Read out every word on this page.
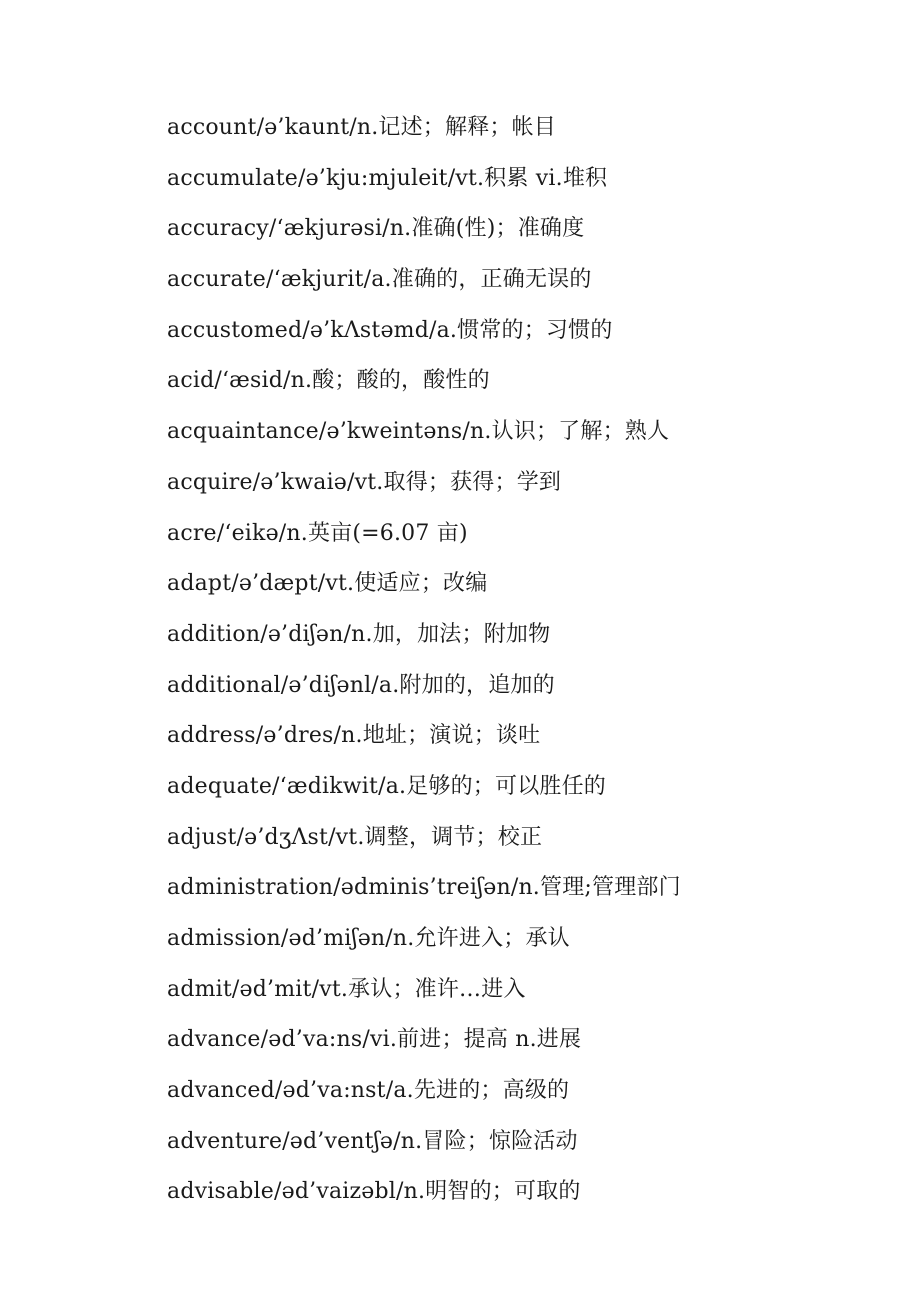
account/ə’kaunt/n.记述；解释；帐目
accumulate/ə’kju:mjuleit/vt.积累 vi.堆积
accuracy/‘ækjurəsi/n.准确(性)；准确度
accurate/‘ækjurit/a.准确的，正确无误的
accustomed/ə’kΛstəmd/a.惯常的；习惯的
acid/‘æsid/n.酸；酸的，酸性的
acquaintance/ə’kweintəns/n.认识；了解；熟人
acquire/ə’kwaiə/vt.取得；获得；学到
acre/‘eikə/n.英亩(=6.07 亩)
adapt/ə’dæpt/vt.使适应；改编
addition/ə’diʃən/n.加，加法；附加物
additional/ə’diʃənl/a.附加的，追加的
address/ə’dres/n.地址；演说；谈吐
adequate/‘ædikwit/a.足够的；可以胜任的
adjust/ə’dʒΛst/vt.调整，调节；校正
administration/ədminis’treiʃən/n.管理;管理部门
admission/əd’miʃən/n.允许进入；承认
admit/əd’mit/vt.承认；准许…进入
advance/əd’va:ns/vi.前进；提高 n.进展
advanced/əd’va:nst/a.先进的；高级的
adventure/əd’ventʃə/n.冒险；惊险活动
advisable/əd’vaizəbl/n.明智的；可取的
